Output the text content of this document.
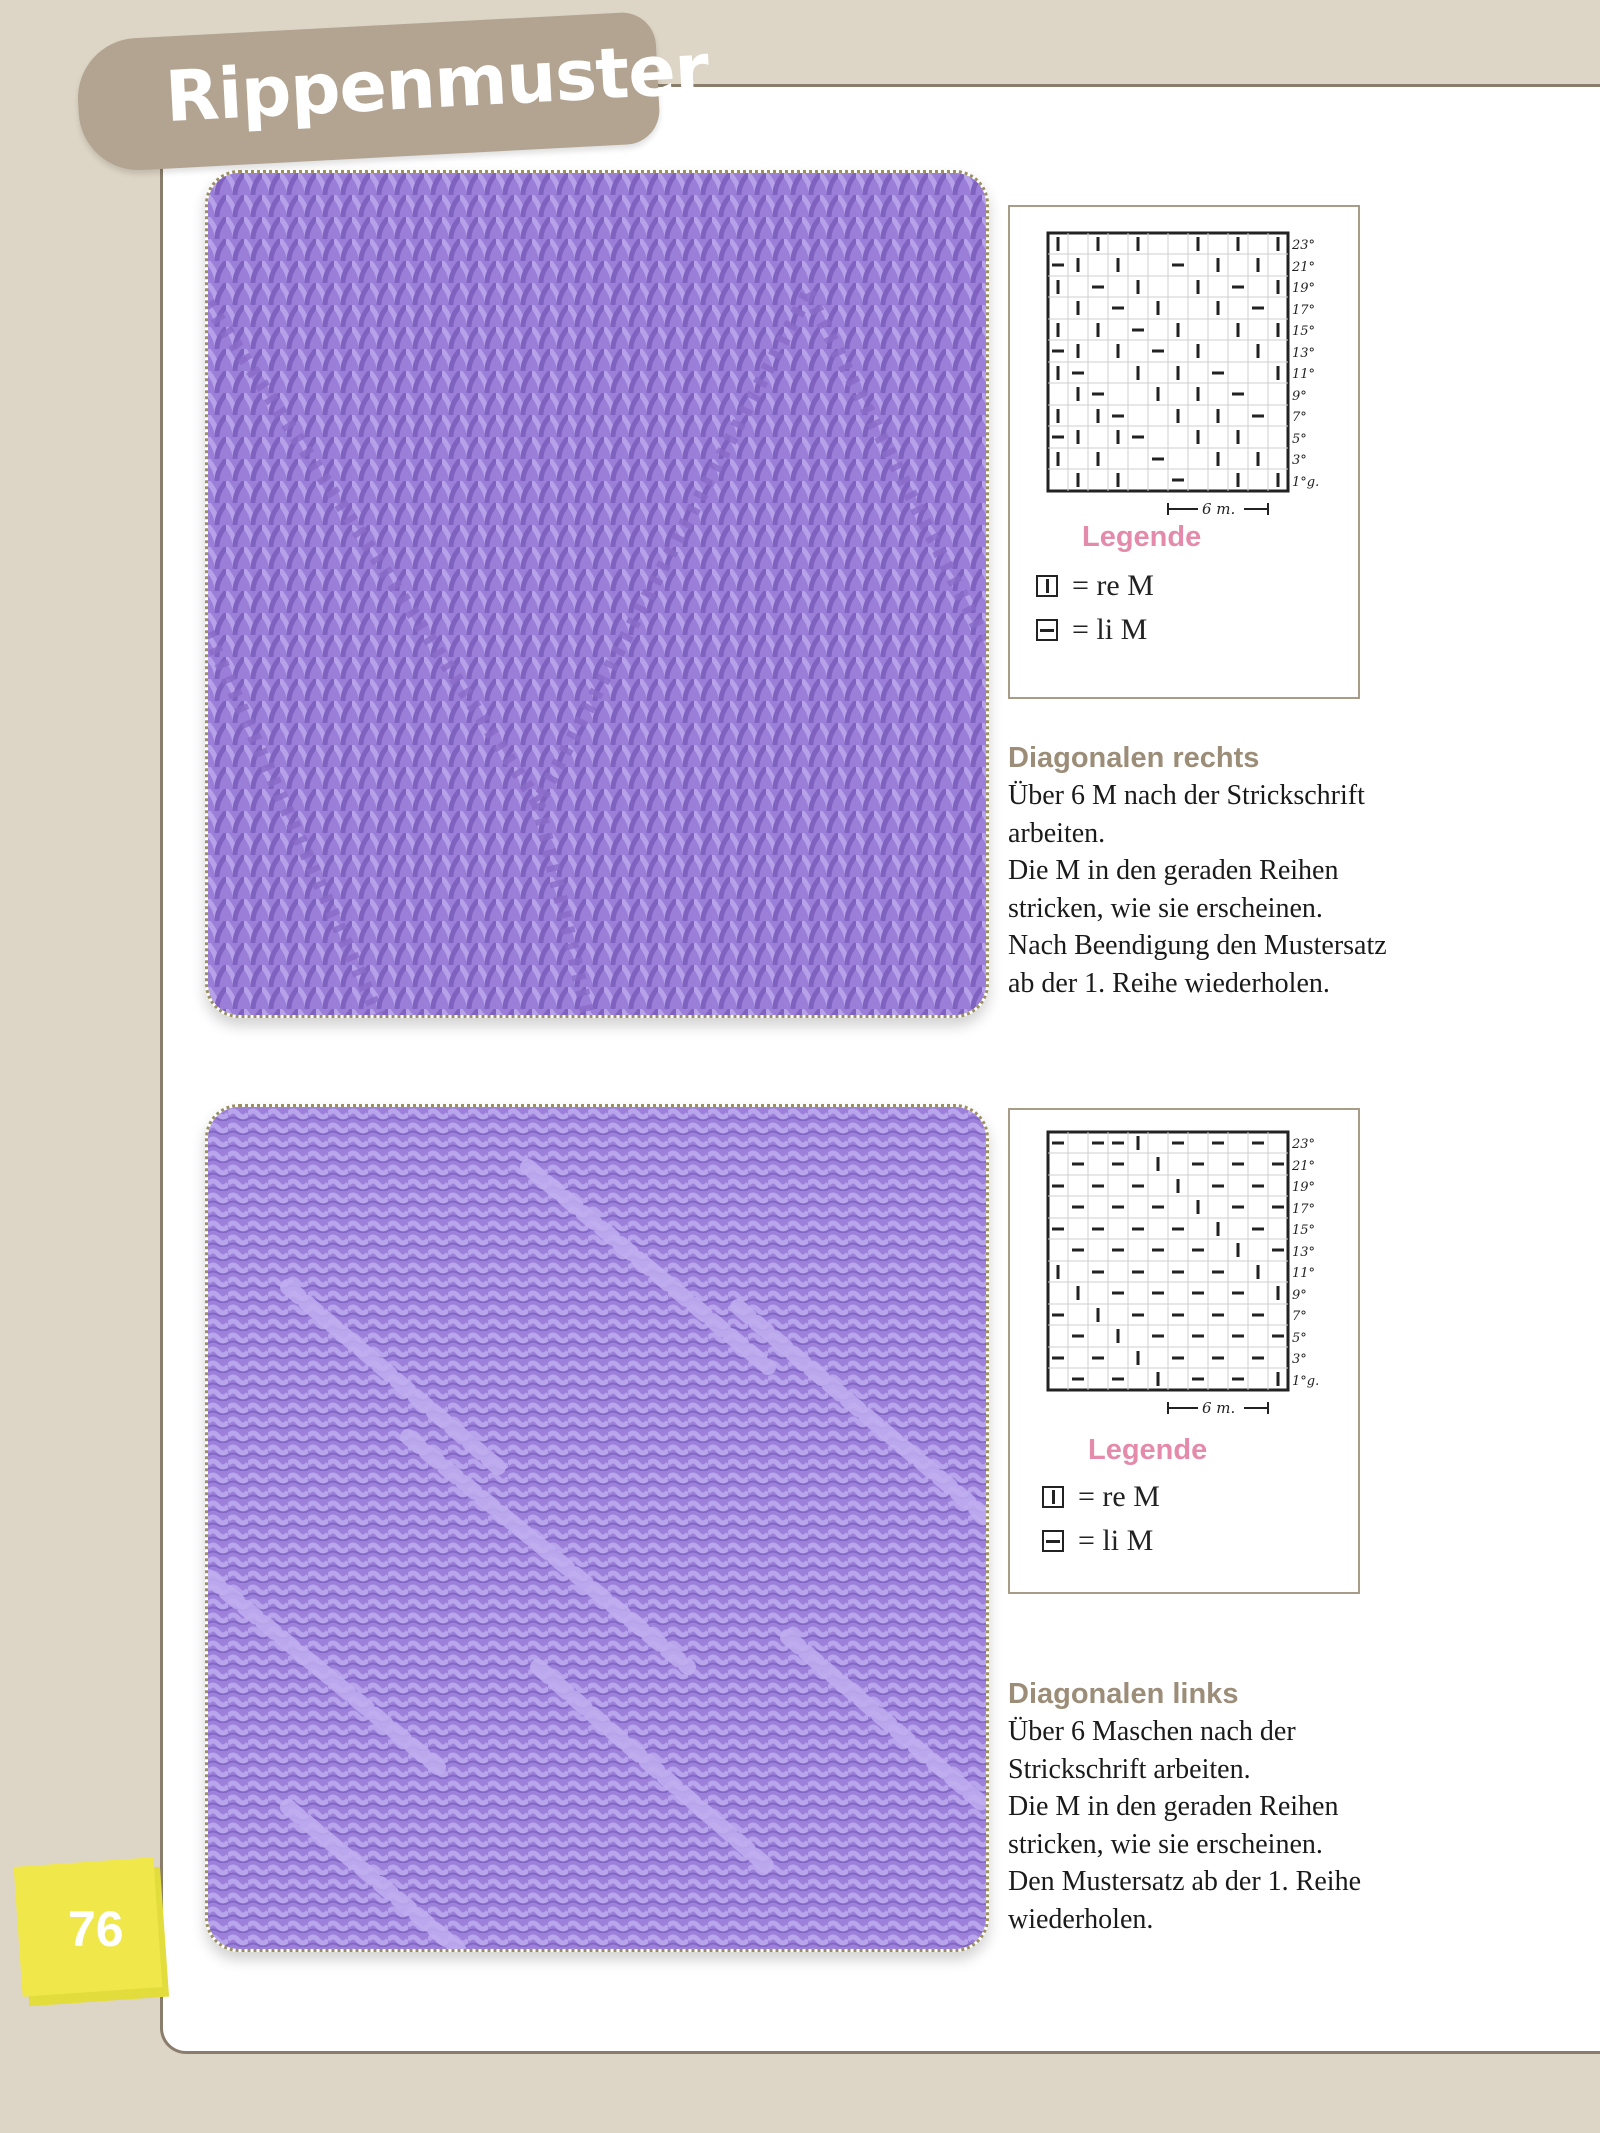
Rippenmuster
23°
21°
19°
17°
15°
13°
11°
9°
7°
5°
3°
1°g.
6 m.

Legende

= re M
= li M

Diagonalen rechts

Über 6 M nach der Strickschrift

arbeiten.

Die M in den geraden Reihen

stricken, wie sie erscheinen.

Nach Beendigung den Mustersatz

ab der 1. Reihe wiederholen.

23°
21°
19°
17°
15°
13°
11°
9°
7°
5°
3°
1°g.
6 m.

Legende

= re M
= li M

Diagonalen links

Über 6 Maschen nach der

Strickschrift arbeiten.

Die M in den geraden Reihen

stricken, wie sie erscheinen.

Den Mustersatz ab der 1. Reihe

wiederholen.

76
